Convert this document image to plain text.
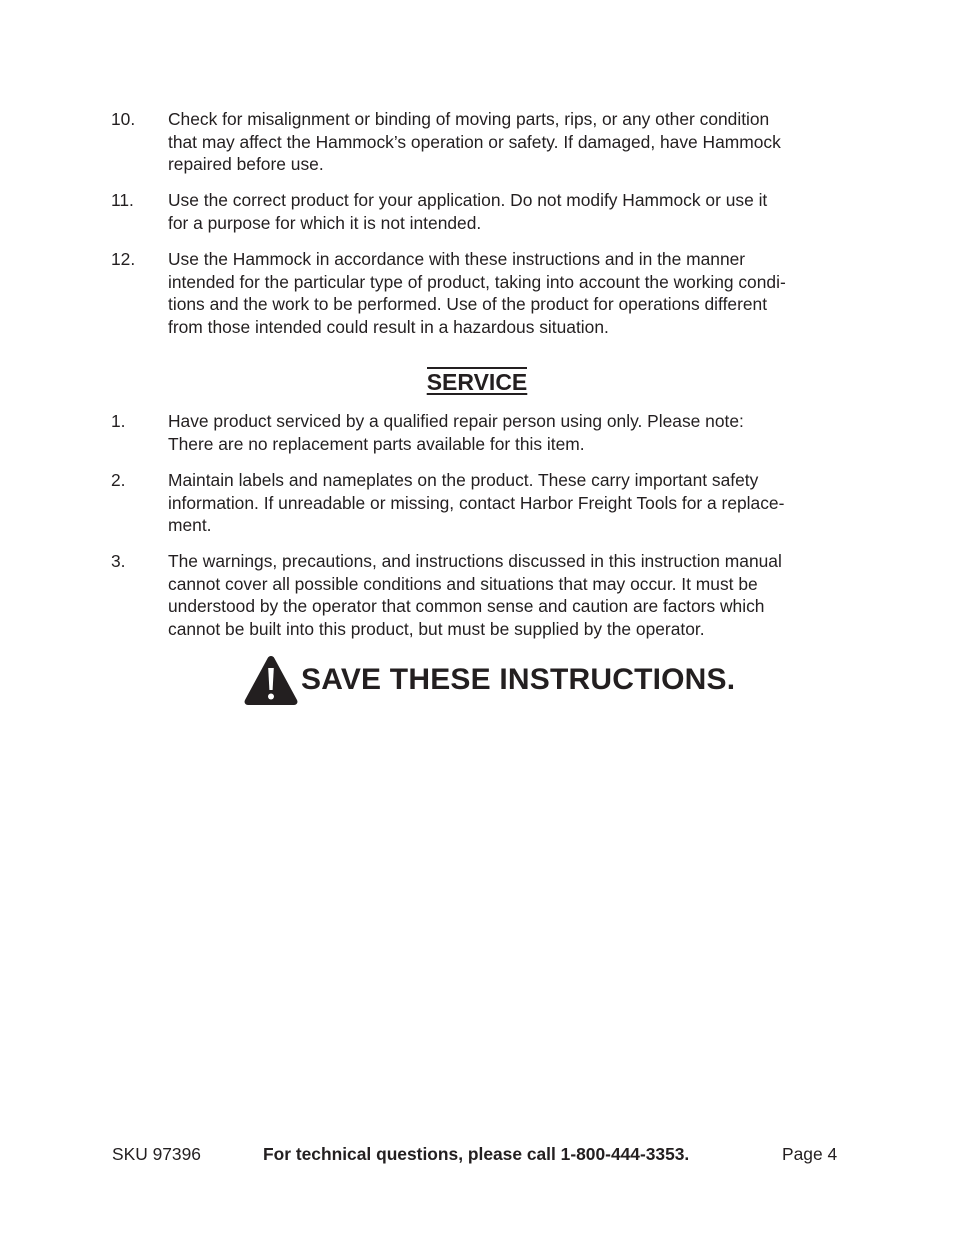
10. Check for misalignment or binding of moving parts, rips, or any other condition
that may affect the Hammock’s operation or safety. If damaged, have Hammock
repaired before use.
11. Use the correct product for your application. Do not modify Hammock or use it
for a purpose for which it is not intended.
12. Use the Hammock in accordance with these instructions and in the manner
intended for the particular type of product, taking into account the working condi-
tions and the work to be performed. Use of the product for operations different
from those intended could result in a hazardous situation.
SERVICE
1. Have product serviced by a qualified repair person using only. Please note:
There are no replacement parts available for this item.
2. Maintain labels and nameplates on the product. These carry important safety
information. If unreadable or missing, contact Harbor Freight Tools for a replace-
ment.
3. The warnings, precautions, and instructions discussed in this instruction manual
cannot cover all possible conditions and situations that may occur. It must be
understood by the operator that common sense and caution are factors which
cannot be built into this product, but must be supplied by the operator.
SAVE THESE INSTRUCTIONS.
SKU 97396	For technical questions, please call 1-800-444-3353.	Page 4
